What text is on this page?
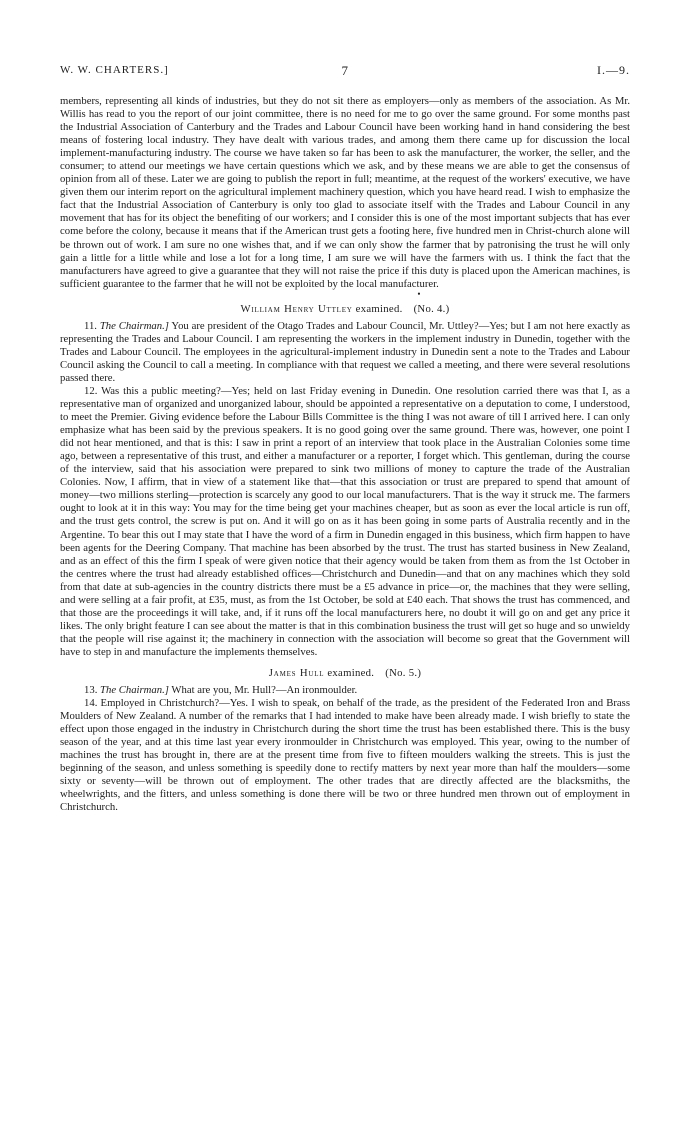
W. W. CHARTERS.]	7	I.—9.

members, representing all kinds of industries, but they do not sit there as employers—only as members of the association. As Mr. Willis has read to you the report of our joint committee, there is no need for me to go over the same ground. For some months past the Industrial Association of Canterbury and the Trades and Labour Council have been working hand in hand considering the best means of fostering local industry. They have dealt with various trades, and among them there came up for discussion the local implement-manufacturing industry. The course we have taken so far has been to ask the manufacturer, the worker, the seller, and the consumer; to attend our meetings we have certain questions which we ask, and by these means we are able to get the consensus of opinion from all of these. Later we are going to publish the report in full; meantime, at the request of the workers' executive, we have given them our interim report on the agricultural implement machinery question, which you have heard read. I wish to emphasize the fact that the Industrial Association of Canterbury is only too glad to associate itself with the Trades and Labour Council in any movement that has for its object the benefiting of our workers; and I consider this is one of the most important subjects that has ever come before the colony, because it means that if the American trust gets a footing here, five hundred men in Christ-church alone will be thrown out of work. I am sure no one wishes that, and if we can only show the farmer that by patronising the trust he will only gain a little for a little while and lose a lot for a long time, I am sure we will have the farmers with us. I think the fact that the manufacturers have agreed to give a guarantee that they will not raise the price if this duty is placed upon the American machines, is sufficient guarantee to the farmer that he will not be exploited by the local manufacturer.

•
William Henry Uttley examined. (No. 4.)

11. The Chairman.] You are president of the Otago Trades and Labour Council, Mr. Uttley?—Yes; but I am not here exactly as representing the Trades and Labour Council. I am representing the workers in the implement industry in Dunedin, together with the Trades and Labour Council. The employees in the agricultural-implement industry in Dunedin sent a note to the Trades and Labour Council asking the Council to call a meeting. In compliance with that request we called a meeting, and there were several resolutions passed there.

12. Was this a public meeting?—Yes; held on last Friday evening in Dunedin. One resolution carried there was that I, as a representative man of organized and unorganized labour, should be appointed a representative on a deputation to come, I understood, to meet the Premier. Giving evidence before the Labour Bills Committee is the thing I was not aware of till I arrived here. I can only emphasize what has been said by the previous speakers. It is no good going over the same ground. There was, however, one point I did not hear mentioned, and that is this: I saw in print a report of an interview that took place in the Australian Colonies some time ago, between a representative of this trust, and either a manufacturer or a reporter, I forget which. This gentleman, during the course of the interview, said that his association were prepared to sink two millions of money to capture the trade of the Australian Colonies. Now, I affirm, that in view of a statement like that—that this association or trust are prepared to spend that amount of money—two millions sterling—protection is scarcely any good to our local manufacturers. That is the way it struck me. The farmers ought to look at it in this way: You may for the time being get your machines cheaper, but as soon as ever the local article is run off, and the trust gets control, the screw is put on. And it will go on as it has been going in some parts of Australia recently and in the Argentine. To bear this out I may state that I have the word of a firm in Dunedin engaged in this business, which firm happen to have been agents for the Deering Company. That machine has been absorbed by the trust. The trust has started business in New Zealand, and as an effect of this the firm I speak of were given notice that their agency would be taken from them as from the 1st October in the centres where the trust had already established offices—Christchurch and Dunedin—and that on any machines which they sold from that date at sub-agencies in the country districts there must be a £5 advance in price—or, the machines that they were selling, and were selling at a fair profit, at £35, must, as from the 1st October, be sold at £40 each. That shows the trust has commenced, and that those are the proceedings it will take, and, if it runs off the local manufacturers here, no doubt it will go on and get any price it likes. The only bright feature I can see about the matter is that in this combination business the trust will get so huge and so unwieldy that the people will rise against it; the machinery in connection with the association will become so great that the Government will have to step in and manufacture the implements themselves.

James Hull examined. (No. 5.)

13. The Chairman.] What are you, Mr. Hull?—An ironmoulder.

14. Employed in Christchurch?—Yes. I wish to speak, on behalf of the trade, as the president of the Federated Iron and Brass Moulders of New Zealand. A number of the remarks that I had intended to make have been already made. I wish briefly to state the effect upon those engaged in the industry in Christchurch during the short time the trust has been established there. This is the busy season of the year, and at this time last year every ironmoulder in Christchurch was employed. This year, owing to the number of machines the trust has brought in, there are at the present time from five to fifteen moulders walking the streets. This is just the beginning of the season, and unless something is speedily done to rectify matters by next year more than half the moulders—some sixty or seventy—will be thrown out of employment. The other trades that are directly affected are the blacksmiths, the wheelwrights, and the fitters, and unless something is done there will be two or three hundred men thrown out of employment in Christchurch.
